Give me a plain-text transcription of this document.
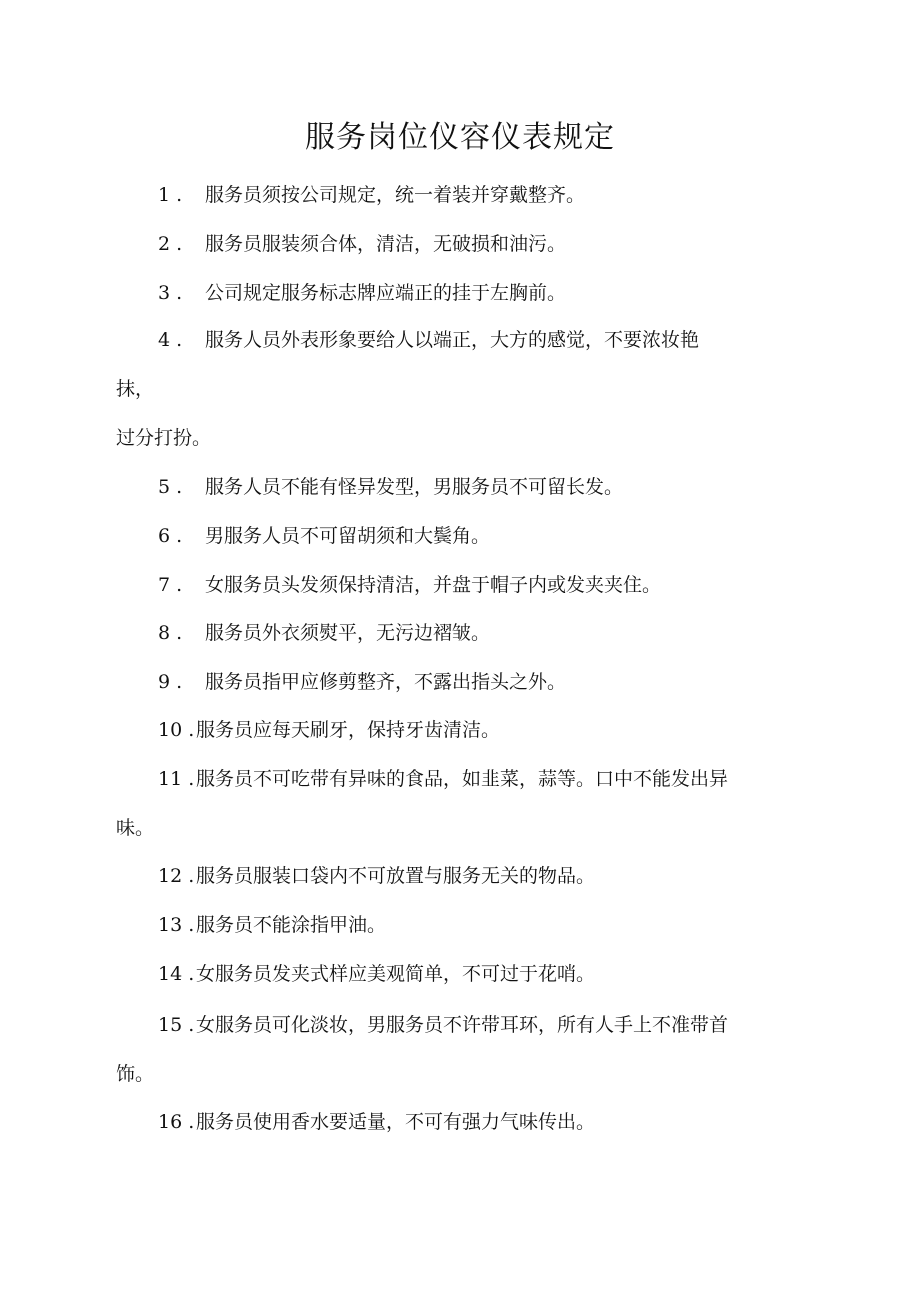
服务岗位仪容仪表规定
1 . 服务员须按公司规定，统一着装并穿戴整齐。
2 . 服务员服装须合体，清洁，无破损和油污。
3 . 公司规定服务标志牌应端正的挂于左胸前。
4 . 服务人员外表形象要给人以端正，大方的感觉，不要浓妆艳
抹，
过分打扮。
5 . 服务人员不能有怪异发型，男服务员不可留长发。
6 . 男服务人员不可留胡须和大鬓角。
7 . 女服务员头发须保持清洁，并盘于帽子内或发夹夹住。
8 . 服务员外衣须熨平，无污边褶皱。
9 . 服务员指甲应修剪整齐，不露出指头之外。
10 .服务员应每天刷牙，保持牙齿清洁。
11 .服务员不可吃带有异味的食品，如韭菜，蒜等。口中不能发出异
味。
12 .服务员服装口袋内不可放置与服务无关的物品。
13 .服务员不能涂指甲油。
14 .女服务员发夹式样应美观简单，不可过于花哨。
15 .女服务员可化淡妆，男服务员不许带耳环，所有人手上不准带首
饰。
16 .服务员使用香水要适量，不可有强力气味传出。
